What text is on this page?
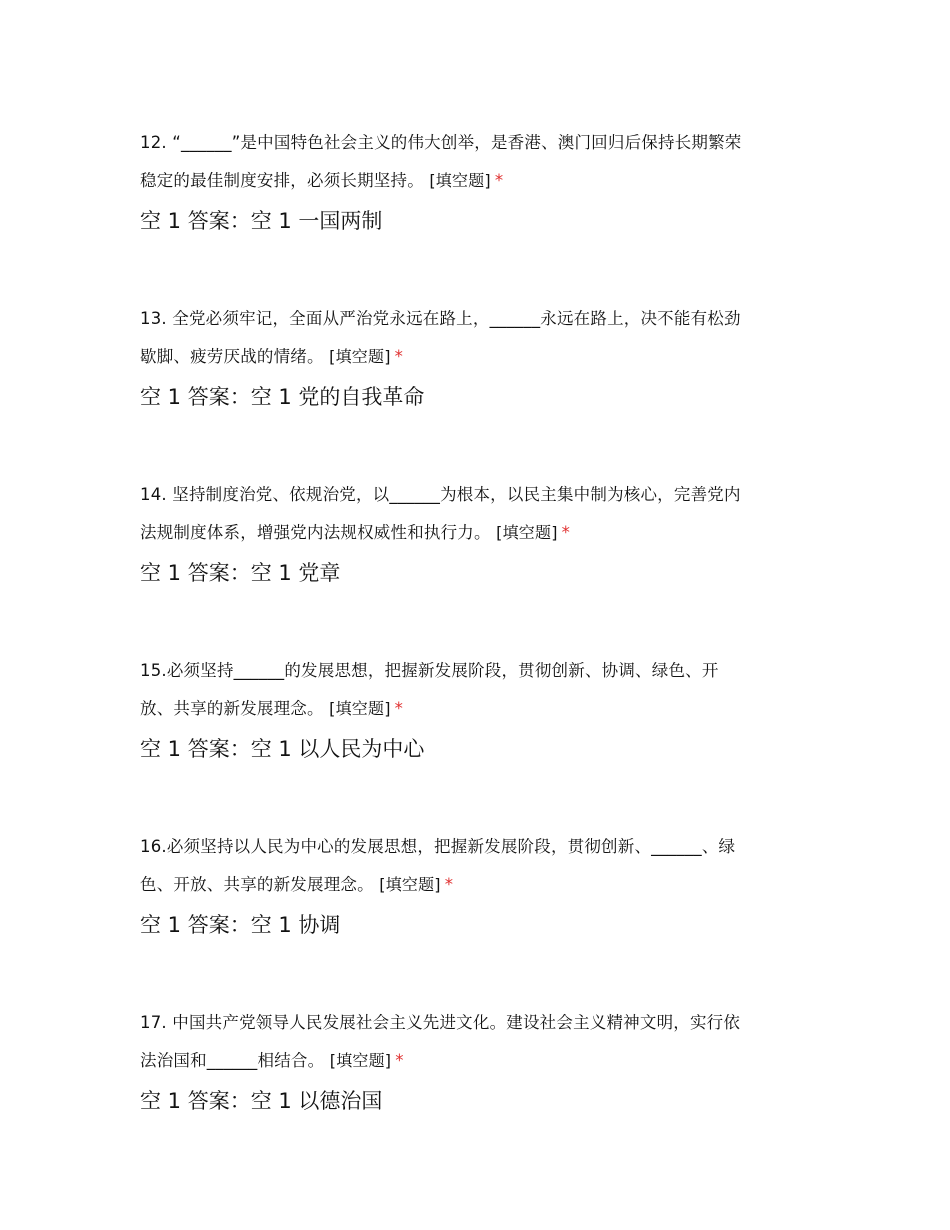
12. “______”是中国特色社会主义的伟大创举，是香港、澳门回归后保持长期繁荣
稳定的最佳制度安排，必须长期坚持。 [填空题] *

空 1 答案：空 1 一国两制

13. 全党必须牢记，全面从严治党永远在路上，______永远在路上，决不能有松劲
歇脚、疲劳厌战的情绪。 [填空题] *

空 1 答案：空 1 党的自我革命

14. 坚持制度治党、依规治党，以______为根本，以民主集中制为核心，完善党内
法规制度体系，增强党内法规权威性和执行力。 [填空题] *

空 1 答案：空 1 党章

15.必须坚持______的发展思想，把握新发展阶段，贯彻创新、协调、绿色、开
放、共享的新发展理念。 [填空题] *

空 1 答案：空 1 以人民为中心

16.必须坚持以人民为中心的发展思想，把握新发展阶段，贯彻创新、______、绿
色、开放、共享的新发展理念。 [填空题] *

空 1 答案：空 1 协调

17. 中国共产党领导人民发展社会主义先进文化。建设社会主义精神文明，实行依
法治国和______相结合。 [填空题] *

空 1 答案：空 1 以德治国
